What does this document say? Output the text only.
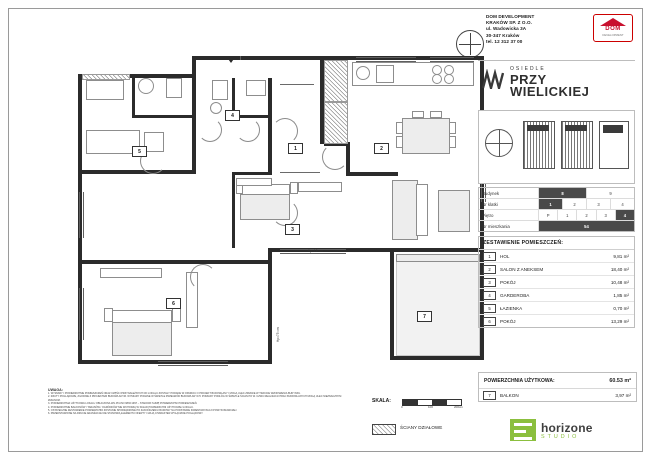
1	2
3
4
5
6
7
Hp=15 cm
Hp=75 cm
DOM DEVELOPMENT
KRAKÓW SP. Z O.O.
ul. Wadowicka 3A
30-347 Kraków
tel. 12 312 37 00
DOM
DEVELOPMENT
OSIEDLE
PRZY
WIELICKIEJ
Budynek	8	9
Nr klatki	1	2	3	4
Piętro	P	1	2	3	4
Nr mieszkania	54
ZESTAWIENIE POMIESZCZEŃ:
1	HOL	9,81 m²
2	SALON Z ANEKSEM	18,40 m²
3	POKÓJ	10,48 m²
4	GARDEROBA	1,85 m²
5	ŁAZIENKA	0,70 m²
6	POKÓJ	13,29 m²
POWIERZCHNIA UŻYTKOWA:	60.53 m²
7	BALKON	3,97 m²
horizone
STUDIO
UWAGA:
1. WYMIARY I POWIERZCHNIE POMIESZCZEŃ ORAZ CZĘŚCI PRZYNALEŻNYCH DO LOKALU ZOSTAŁY PODANE W OPARCIU O PROJEKT BUDOWLANY I MOGĄ ULEC ZMIANIE W TRAKCIE WZNOSZENIA BUDYNKU.
2. RZUTY POGLĄDOWE, ZGODNIE Z PROJEKTEM BUDOWLANYM. WYMIARY PODANE W ŚWIETLE PRZEGRÓD BUDOWLANYCH. POMIARY PODŁÓG W ŚWIETLE ŚCIAN PO W. CZWU REALIZACJI PRAC BUDOWLANYCH MOGĄ ULEC NIEZNACZNYM ZMIANOM.
3. POWIERZCHNIA UŻYTKOWA LOKALU OBLICZONA WG PN-ISO 9836:1997 – STANOWI SUMĘ POWIERZCHNI POMIESZCZEŃ.
4. POWIERZCHNIE BALKONÓW / TARASÓW / OGRÓDKÓW NIE WCHODZĄ W SKŁAD POWIERZCHNI UŻYTKOWEJ LOKALU.
5. OSTATECZNE ZESTAWIENIE POWIERZCHNI ZOSTANIE SPORZĄDZONE PO ZAKOŃCZENIU BUDOWY NA PODSTAWIE INWENTARYZACJI POWYKONAWCZEJ.
6. PRZEDSTAWIONE NA RZUCIE ARANŻACJE NIE STANOWIĄ ELEMENTU OFERTY I MAJĄ CHARAKTER WYŁĄCZNIE POGLĄDOWY.
SKALA:
0	100	200cm
ŚCIANY DZIAŁOWE
